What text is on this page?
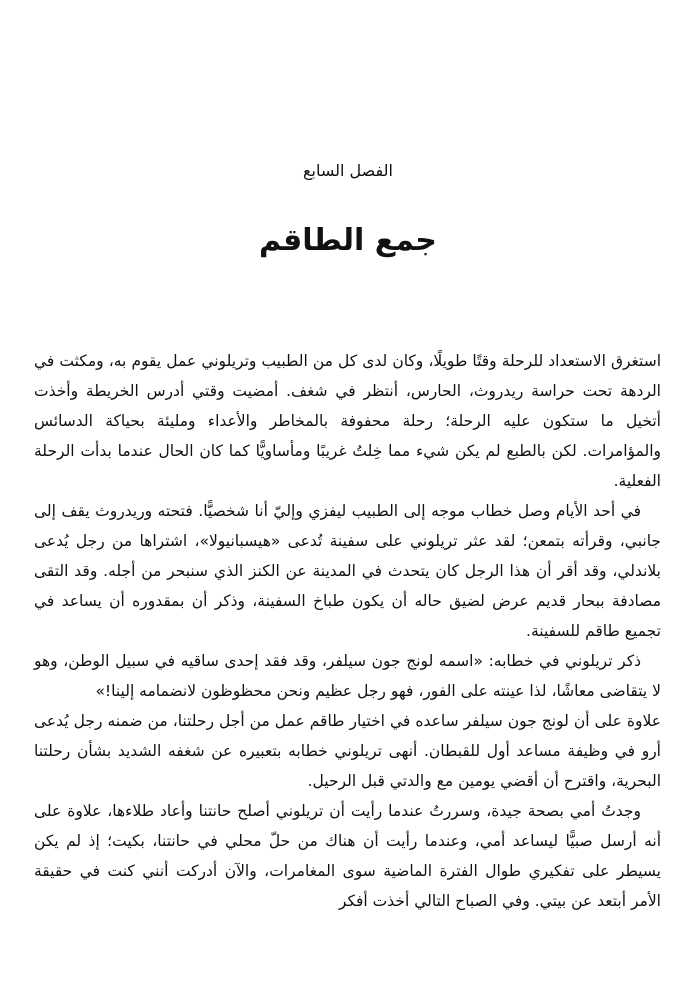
الفصل السابع
جمع الطاقم

استغرق الاستعداد للرحلة وقتًا طويلًا، وكان لدى كل من الطبيب وتريلوني عمل يقوم به، ومكثت في الردهة تحت حراسة ريدروث، الحارس، أنتظر في شغف. أمضيت وقتي أدرس الخريطة وأخذت أتخيل ما ستكون عليه الرحلة؛ رحلة محفوفة بالمخاطر والأعداء ومليئة بحياكة الدسائس والمؤامرات. لكن بالطبع لم يكن شيء مما خِلتُ غريبًا ومأساويًّا كما كان الحال عندما بدأت الرحلة الفعلية.

في أحد الأيام وصل خطاب موجه إلى الطبيب ليفزي وإليّ أنا شخصيًّا. فتحته وريدروث يقف إلى جانبي، وقرأته بتمعن؛ لقد عثر تريلوني على سفينة تُدعى «هيسبانيولا»، اشتراها من رجل يُدعى بلاندلي، وقد أقر أن هذا الرجل كان يتحدث في المدينة عن الكنز الذي سنبحر من أجله. وقد التقى مصادفة ببحار قديم عرض لضيق حاله أن يكون طباخ السفينة، وذكر أن بمقدوره أن يساعد في تجميع طاقم للسفينة.

ذكر تريلوني في خطابه: «اسمه لونج جون سيلفر، وقد فقد إحدى ساقيه في سبيل الوطن، وهو لا يتقاضى معاشًا، لذا عينته على الفور، فهو رجل عظيم ونحن محظوظون لانضمامه إلينا!»

علاوة على أن لونج جون سيلفر ساعده في اختيار طاقم عمل من أجل رحلتنا، من ضمنه رجل يُدعى أرو في وظيفة مساعد أول للقبطان. أنهى تريلوني خطابه بتعبيره عن شغفه الشديد بشأن رحلتنا البحرية، واقترح أن أقضي يومين مع والدتي قبل الرحيل.

وجدتُ أمي بصحة جيدة، وسررتُ عندما رأيت أن تريلوني أصلح حانتنا وأعاد طلاءها، علاوة على أنه أرسل صبيًّا ليساعد أمي، وعندما رأيت أن هناك من حلّ محلي في حانتنا، بكيت؛ إذ لم يكن يسيطر على تفكيري طوال الفترة الماضية سوى المغامرات، والآن أدركت أنني كنت في حقيقة الأمر أبتعد عن بيتي. وفي الصباح التالي أخذت أفكر
